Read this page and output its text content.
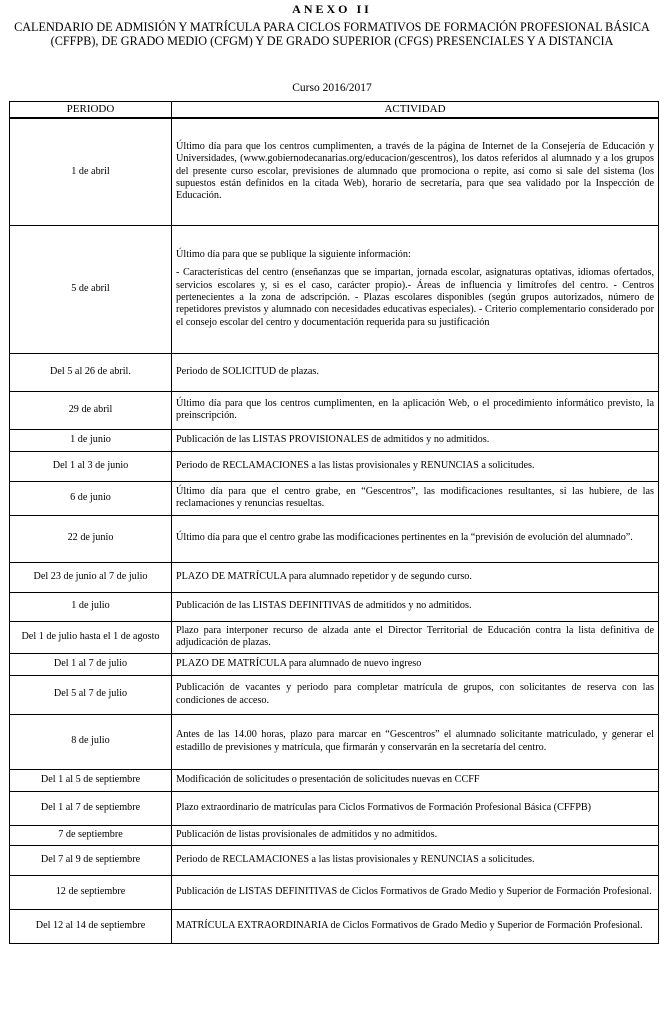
ANEXO II
CALENDARIO DE ADMISIÓN Y MATRÍCULA PARA CICLOS FORMATIVOS DE FORMACIÓN PROFESIONAL BÁSICA (CFFPB), DE GRADO MEDIO (CFGM) Y DE GRADO SUPERIOR (CFGS) PRESENCIALES Y A DISTANCIA
Curso 2016/2017
PERIODO	ACTIVIDAD
1 de abril	Último día para que los centros cumplimenten, a través de la página de Internet de la Consejería de Educación y Universidades, (www.gobiernodecanarias.org/educacion/gescentros), los datos referidos al alumnado y a los grupos del presente curso escolar, previsiones de alumnado que promociona o repite, así como si sale del sistema (los supuestos están definidos en la citada Web), horario de secretaría, para que sea validado por la Inspección de Educación.

5 de abril	Último día para que se publique la siguiente información:
- Características del centro (enseñanzas que se impartan, jornada escolar, asignaturas optativas, idiomas ofertados, servicios escolares y, si es el caso, carácter propio).- Áreas de influencia y limítrofes del centro. - Centros pertenecientes a la zona de adscripción. - Plazas escolares disponibles (según grupos autorizados, número de repetidores previstos y alumnado con necesidades educativas especiales). - Criterio complementario considerado por el consejo escolar del centro y documentación requerida para su justificación

Del 5 al 26 de abril.	Periodo de SOLICITUD de plazas.

29 de abril	Último día para que los centros cumplimenten, en la aplicación Web, o el procedimiento informático previsto, la preinscripción.

1 de junio	Publicación de las LISTAS PROVISIONALES de admitidos y no admitidos.

Del 1 al 3 de junio	Periodo de RECLAMACIONES a las listas provisionales y RENUNCIAS a solicitudes.

6 de junio	Último día para que el centro grabe, en “Gescentros”, las modificaciones resultantes, si las hubiere, de las reclamaciones y renuncias resueltas.

22 de junio	Último día para que el centro grabe las modificaciones pertinentes en la “previsión de evolución del alumnado”.

Del 23 de junio al 7 de julio	PLAZO DE MATRÍCULA para alumnado repetidor y de segundo curso.

1 de julio	Publicación de las LISTAS DEFINITIVAS de admitidos y no admitidos.

Del 1 de julio hasta el 1 de agosto	Plazo para interponer recurso de alzada ante el Director Territorial de Educación contra la lista definitiva de adjudicación de plazas.

Del 1 al 7 de julio	PLAZO DE MATRÍCULA para alumnado de nuevo ingreso

Del 5 al 7 de julio	Publicación de vacantes y periodo para completar matrícula de grupos, con solicitantes de reserva con las condiciones de acceso.

8 de julio	Antes de las 14.00 horas, plazo para marcar en “Gescentros” el alumnado solicitante matriculado, y generar el estadillo de previsiones y matrícula, que firmarán y conservarán en la secretaría del centro.

Del 1 al 5 de septiembre	Modificación de solicitudes o presentación de solicitudes nuevas en CCFF

Del 1 al 7 de septiembre	Plazo extraordinario de matrículas para Ciclos Formativos de Formación Profesional Básica (CFFPB)

7 de septiembre	Publicación de listas provisionales de admitidos y no admitidos.

Del 7 al 9 de septiembre	Periodo de RECLAMACIONES a las listas provisionales y RENUNCIAS a solicitudes.

12 de septiembre	Publicación de LISTAS DEFINITIVAS de Ciclos Formativos de Grado Medio y Superior de Formación Profesional.

Del 12 al 14 de septiembre	MATRÍCULA EXTRAORDINARIA de Ciclos Formativos de Grado Medio y Superior de Formación Profesional.
